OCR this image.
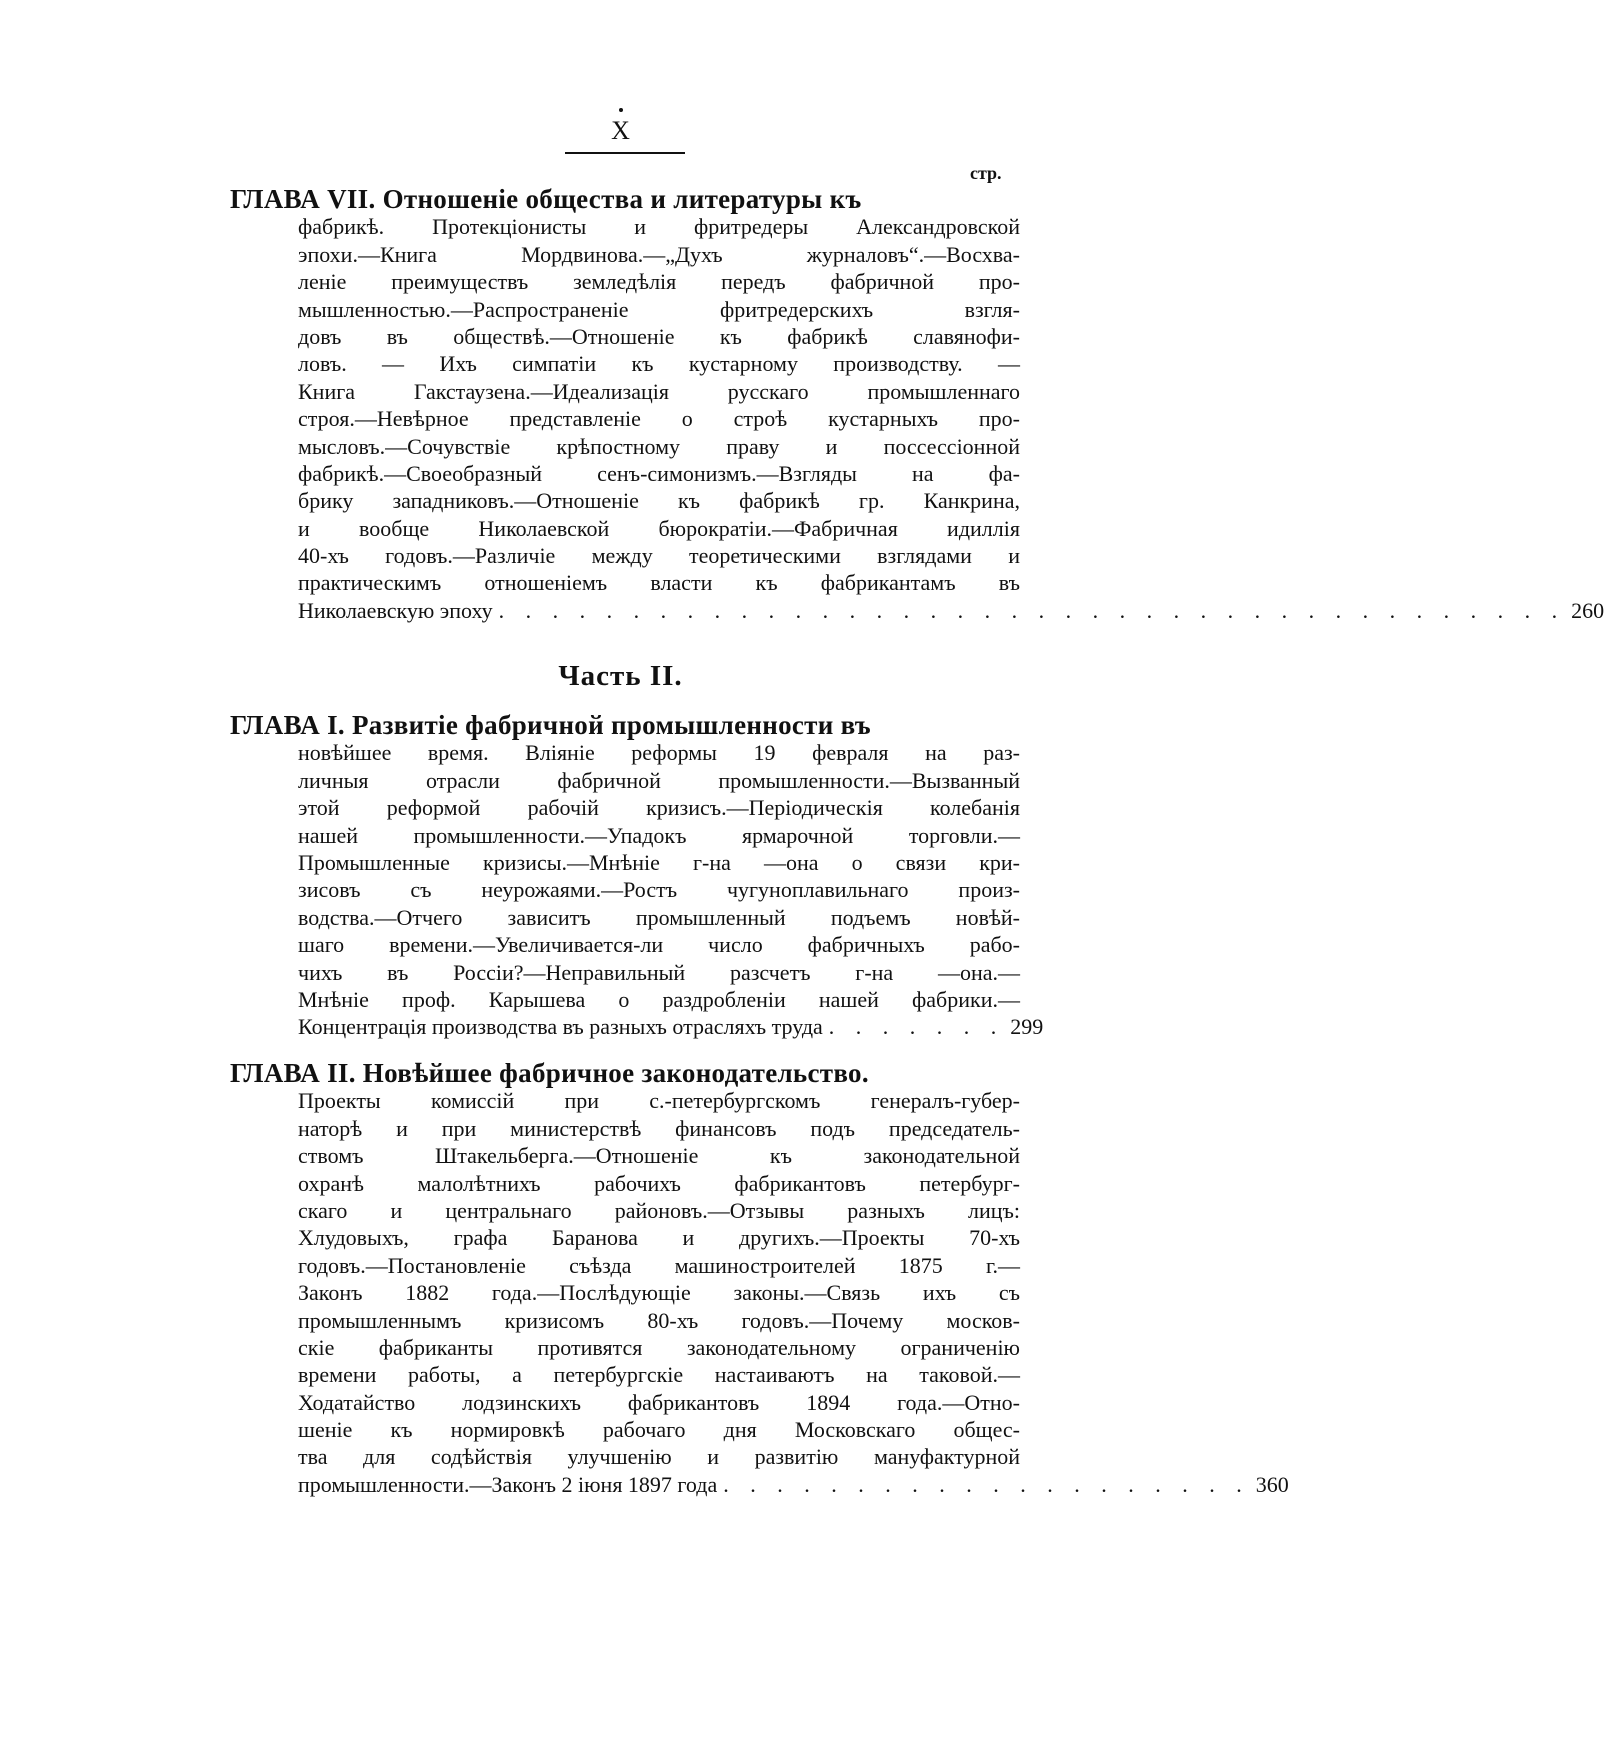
X
стр.
ГЛАВА VII. Отношеніе общества и литературы къ
фабрикѣ. Протекціонисты и фритредеры Александровской
эпохи.—Книга Мордвинова.—„Духъ журналовъ“.—Восхва-
леніе преимуществъ земледѣлія передъ фабричной про-
мышленностью.—Распространеніе фритредерскихъ взгля-
довъ въ обществѣ.—Отношеніе къ фабрикѣ славянофи-
ловъ. — Ихъ симпатіи къ кустарному производству. —
Книга Гакстаузена.—Идеализація русскаго промышленнаго
строя.—Невѣрное представленіе о строѣ кустарныхъ про-
мысловъ.—Сочувствіе крѣпостному праву и поссессіонной
фабрикѣ.—Своеобразный сенъ-симонизмъ.—Взгляды на фа-
брику западниковъ.—Отношеніе къ фабрикѣ гр. Канкрина,
и вообще Николаевской бюрократіи.—Фабричная идиллія
40-хъ годовъ.—Различіе между теоретическими взглядами и
практическимъ отношеніемъ власти къ фабрикантамъ въ
Николаевскую эпоху . . . . . . . . . . . . . . . . . . . . . . . . . . . . . . . . . . . . . . . . 260
Часть II.
ГЛАВА I. Развитіе фабричной промышленности въ
новѣйшее время. Вліяніе реформы 19 февраля на раз-
личныя отрасли фабричной промышленности.—Вызванный
этой реформой рабочій кризисъ.—Періодическія колебанія
нашей промышленности.—Упадокъ ярмарочной торговли.—
Промышленные кризисы.—Мнѣніе г-на —она о связи кри-
зисовъ съ неурожаями.—Ростъ чугуноплавильнаго произ-
водства.—Отчего зависитъ промышленный подъемъ новѣй-
шаго времени.—Увеличивается-ли число фабричныхъ рабо-
чихъ въ Россіи?—Неправильный разсчетъ г-на —она.—
Мнѣніе проф. Карышева о раздробленіи нашей фабрики.—
Концентрація производства въ разныхъ отрасляхъ труда . . . . . . . 299
ГЛАВА II. Новѣйшее фабричное законодательство.
Проекты комиссій при с.-петербургскомъ генералъ-губер-
наторѣ и при министерствѣ финансовъ подъ председатель-
ствомъ Штакельберга.—Отношеніе къ законодательной
охранѣ малолѣтнихъ рабочихъ фабрикантовъ петербург-
скаго и центральнаго районовъ.—Отзывы разныхъ лицъ:
Хлудовыхъ, графа Баранова и другихъ.—Проекты 70-хъ
годовъ.—Постановленіе съѣзда машиностроителей 1875 г.—
Законъ 1882 года.—Послѣдующіе законы.—Связь ихъ съ
промышленнымъ кризисомъ 80-хъ годовъ.—Почему москов-
скіе фабриканты противятся законодательному ограниченію
времени работы, а петербургскіе настаиваютъ на таковой.—
Ходатайство лодзинскихъ фабрикантовъ 1894 года.—Отно-
шеніе къ нормировкѣ рабочаго дня Московскаго общес-
тва для содѣйствія улучшенію и развитію мануфактурной
промышленности.—Законъ 2 іюня 1897 года . . . . . . . . . . . . . . . . . . . . 360
